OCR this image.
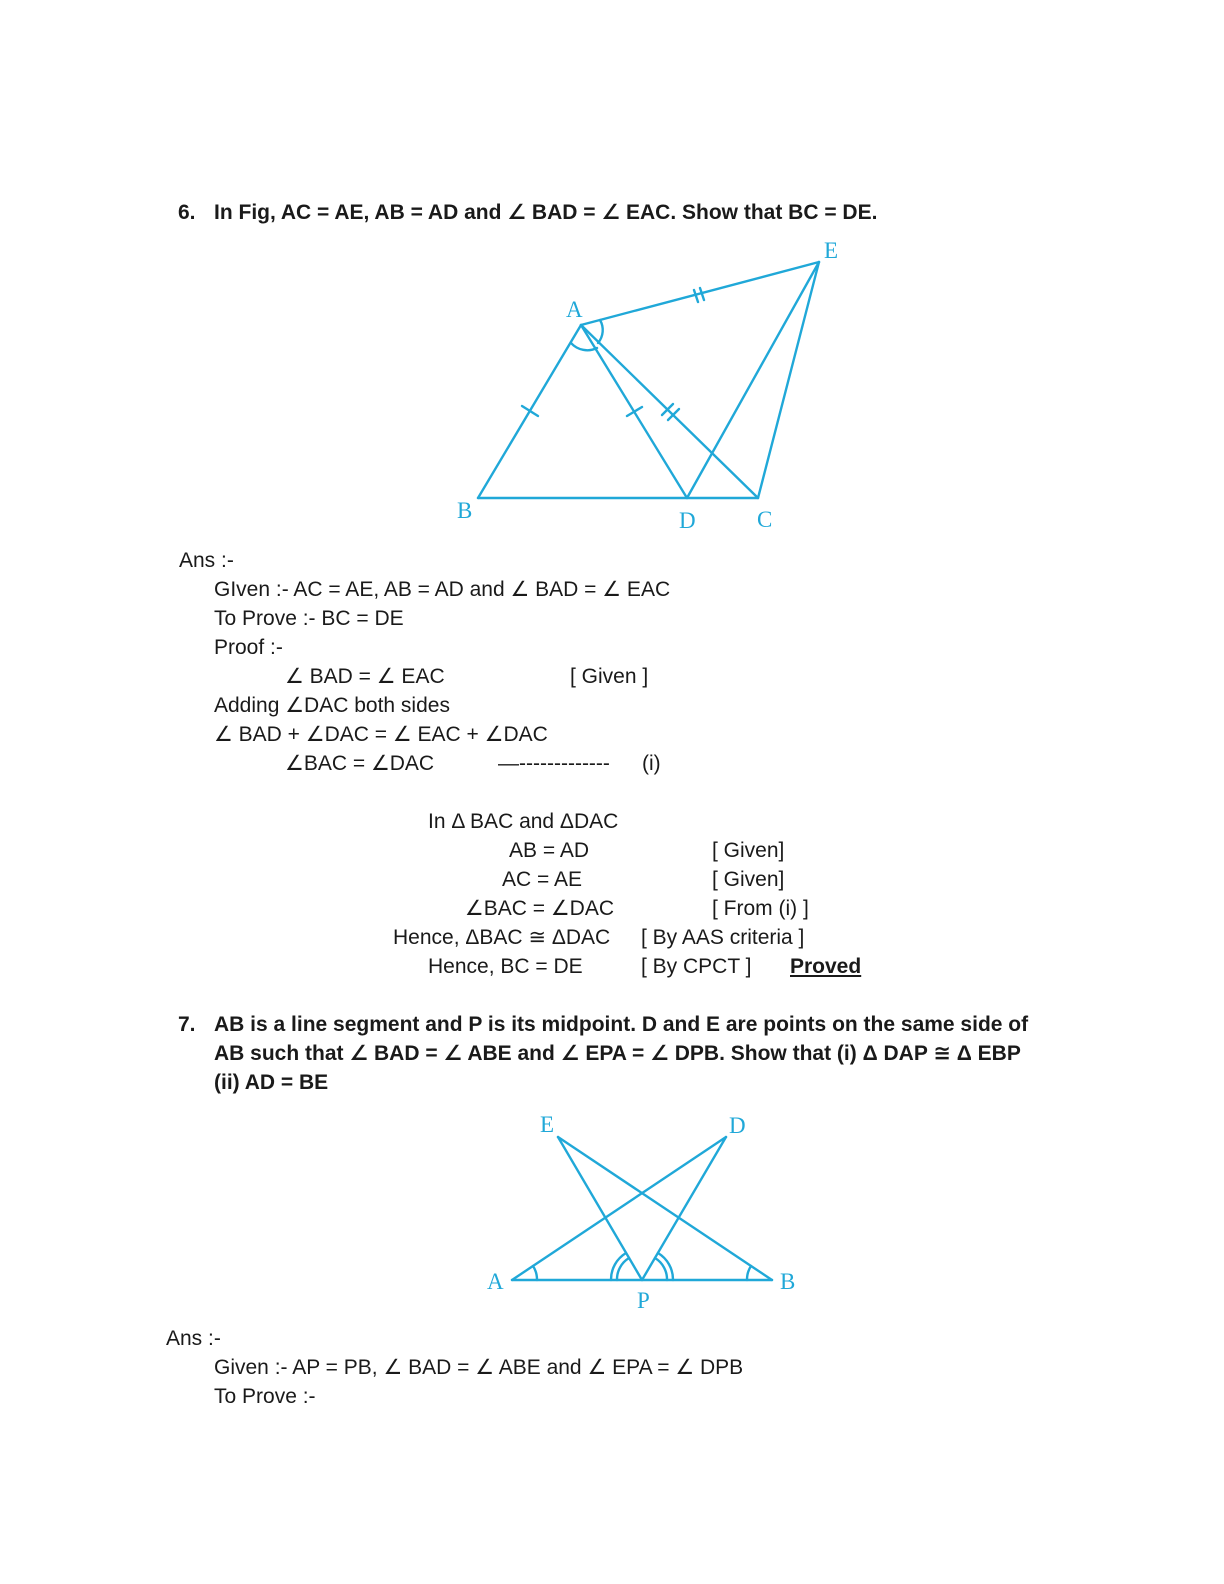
6. In Fig, AC = AE, AB = AD and ∠ BAD = ∠ EAC. Show that BC = DE.
A
E
B	D	C
Ans :-
GIven :- AC = AE, AB = AD and ∠ BAD = ∠ EAC
To Prove :- BC = DE
Proof :-
∠ BAD = ∠ EAC	[ Given ]
Adding ∠DAC both sides
∠ BAD + ∠DAC = ∠ EAC + ∠DAC
∠BAC = ∠DAC	—------------- (i)
In Δ BAC and ΔDAC
AB = AD	[ Given]
AC = AE	[ Given]
∠BAC = ∠DAC	[ From (i) ]
Hence, ΔBAC ≅ ΔDAC [ By AAS criteria ]
Hence, BC = DE	[ By CPCT ] Proved
7. AB is a line segment and P is its midpoint. D and E are points on the same side of
AB such that ∠ BAD = ∠ ABE and ∠ EPA = ∠ DPB. Show that (i) Δ DAP ≅ Δ EBP
(ii) AD = BE
E	D
A	B
P
Ans :-
Given :- AP = PB, ∠ BAD = ∠ ABE and ∠ EPA = ∠ DPB
To Prove :-
